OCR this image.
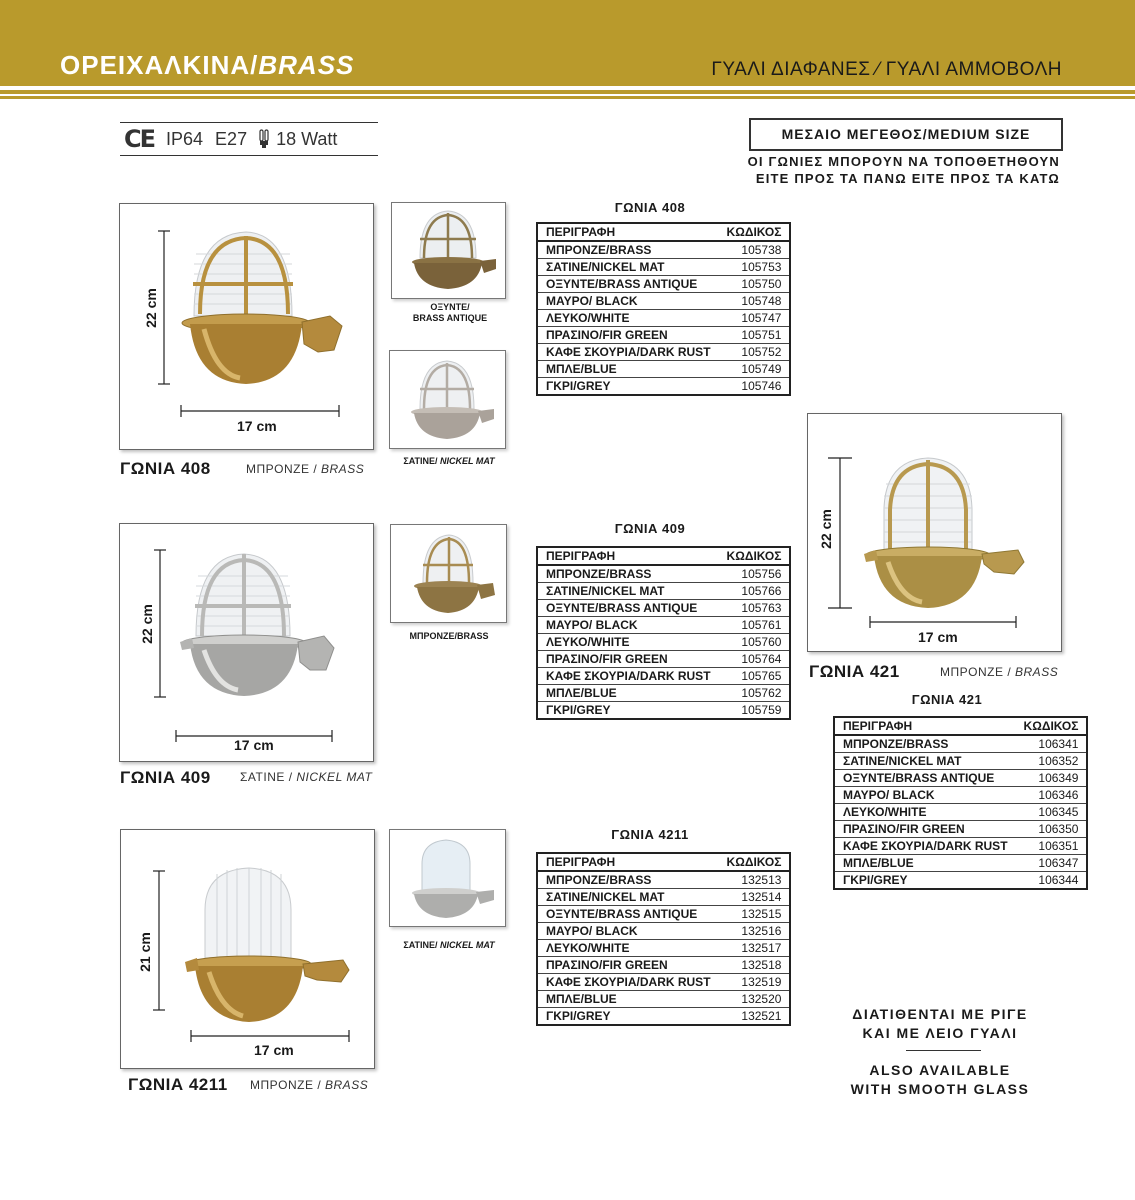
ΟΡΕΙΧΑΛΚΙΝΑ/BRASS	ΓΥΑΛΙ ΔΙΑΦΑΝΕΣ ⁄ ΓΥΑΛΙ ΑΜΜΟΒΟΛΗ
CE IP64 E27 18 Watt	ΜΕΣΑΙΟ ΜΕΓΕΘΟΣ/MEDIUM SIZE
ΟΙ ΓΩΝΙΕΣ ΜΠΟΡΟΥΝ ΝΑ ΤΟΠΟΘΕΤΗΘΟΥΝ
ΕΙΤΕ ΠΡΟΣ ΤΑ ΠΑΝΩ ΕΙΤΕ ΠΡΟΣ ΤΑ ΚΑΤΩ
22 cm
17 cm
ΓΩΝΙΑ 408	ΜΠΡΟΝΖΕ / BRASS
ΟΞΥΝΤΕ/
BRASS ANTIQUE
ΣΑΤΙΝΕ/ NICKEL MAT
ΓΩΝΙΑ 408
ΠΕΡΙΓΡΑΦΗ	ΚΩΔΙΚΟΣ
ΜΠΡΟΝΖΕ/BRASS	105738
ΣΑΤΙΝΕ/NICKEL MAT	105753
ΟΞΥΝΤΕ/BRASS ANTIQUE	105750
ΜΑΥΡΟ/ BLACK	105748
ΛΕΥΚΟ/WHITE	105747
ΠΡΑΣΙΝΟ/FIR GREEN	105751
ΚΑΦΕ ΣΚΟΥΡΙΑ/DARK RUST	105752
ΜΠΛΕ/BLUE	105749
ΓΚΡΙ/GREY	105746
22 cm
17 cm
ΓΩΝΙΑ 409 ΣΑΤΙΝΕ / NICKEL MAT
ΜΠΡΟΝΖΕ/BRASS
ΓΩΝΙΑ 409
ΠΕΡΙΓΡΑΦΗ	ΚΩΔΙΚΟΣ
ΜΠΡΟΝΖΕ/BRASS	105756
ΣΑΤΙΝΕ/NICKEL MAT	105766
ΟΞΥΝΤΕ/BRASS ANTIQUE	105763
ΜΑΥΡΟ/ BLACK	105761
ΛΕΥΚΟ/WHITE	105760
ΠΡΑΣΙΝΟ/FIR GREEN	105764
ΚΑΦΕ ΣΚΟΥΡΙΑ/DARK RUST	105765
ΜΠΛΕ/BLUE	105762
ΓΚΡΙ/GREY	105759
21 cm
17 cm
ΓΩΝΙΑ 4211 ΜΠΡΟΝΖΕ / BRASS
ΣΑΤΙΝΕ/ NICKEL MAT
ΓΩΝΙΑ 4211
ΠΕΡΙΓΡΑΦΗ	ΚΩΔΙΚΟΣ
ΜΠΡΟΝΖΕ/BRASS	132513
ΣΑΤΙΝΕ/NICKEL MAT	132514
ΟΞΥΝΤΕ/BRASS ANTIQUE	132515
ΜΑΥΡΟ/ BLACK	132516
ΛΕΥΚΟ/WHITE	132517
ΠΡΑΣΙΝΟ/FIR GREEN	132518
ΚΑΦΕ ΣΚΟΥΡΙΑ/DARK RUST	132519
ΜΠΛΕ/BLUE	132520
ΓΚΡΙ/GREY	132521
22 cm
17 cm
ΓΩΝΙΑ 421	ΜΠΡΟΝΖΕ / BRASS
ΓΩΝΙΑ 421
ΠΕΡΙΓΡΑΦΗ	ΚΩΔΙΚΟΣ
ΜΠΡΟΝΖΕ/BRASS	106341
ΣΑΤΙΝΕ/NICKEL MAT	106352
ΟΞΥΝΤΕ/BRASS ANTIQUE	106349
ΜΑΥΡΟ/ BLACK	106346
ΛΕΥΚΟ/WHITE	106345
ΠΡΑΣΙΝΟ/FIR GREEN	106350
ΚΑΦΕ ΣΚΟΥΡΙΑ/DARK RUST	106351
ΜΠΛΕ/BLUE	106347
ΓΚΡΙ/GREY	106344
ΔΙΑΤΙΘΕΝΤΑΙ ΜΕ ΡΙΓΕ
ΚΑΙ ΜΕ ΛΕΙΟ ΓΥΑΛΙ
ALSO AVAILABLE
WITH SMOOTH GLASS
